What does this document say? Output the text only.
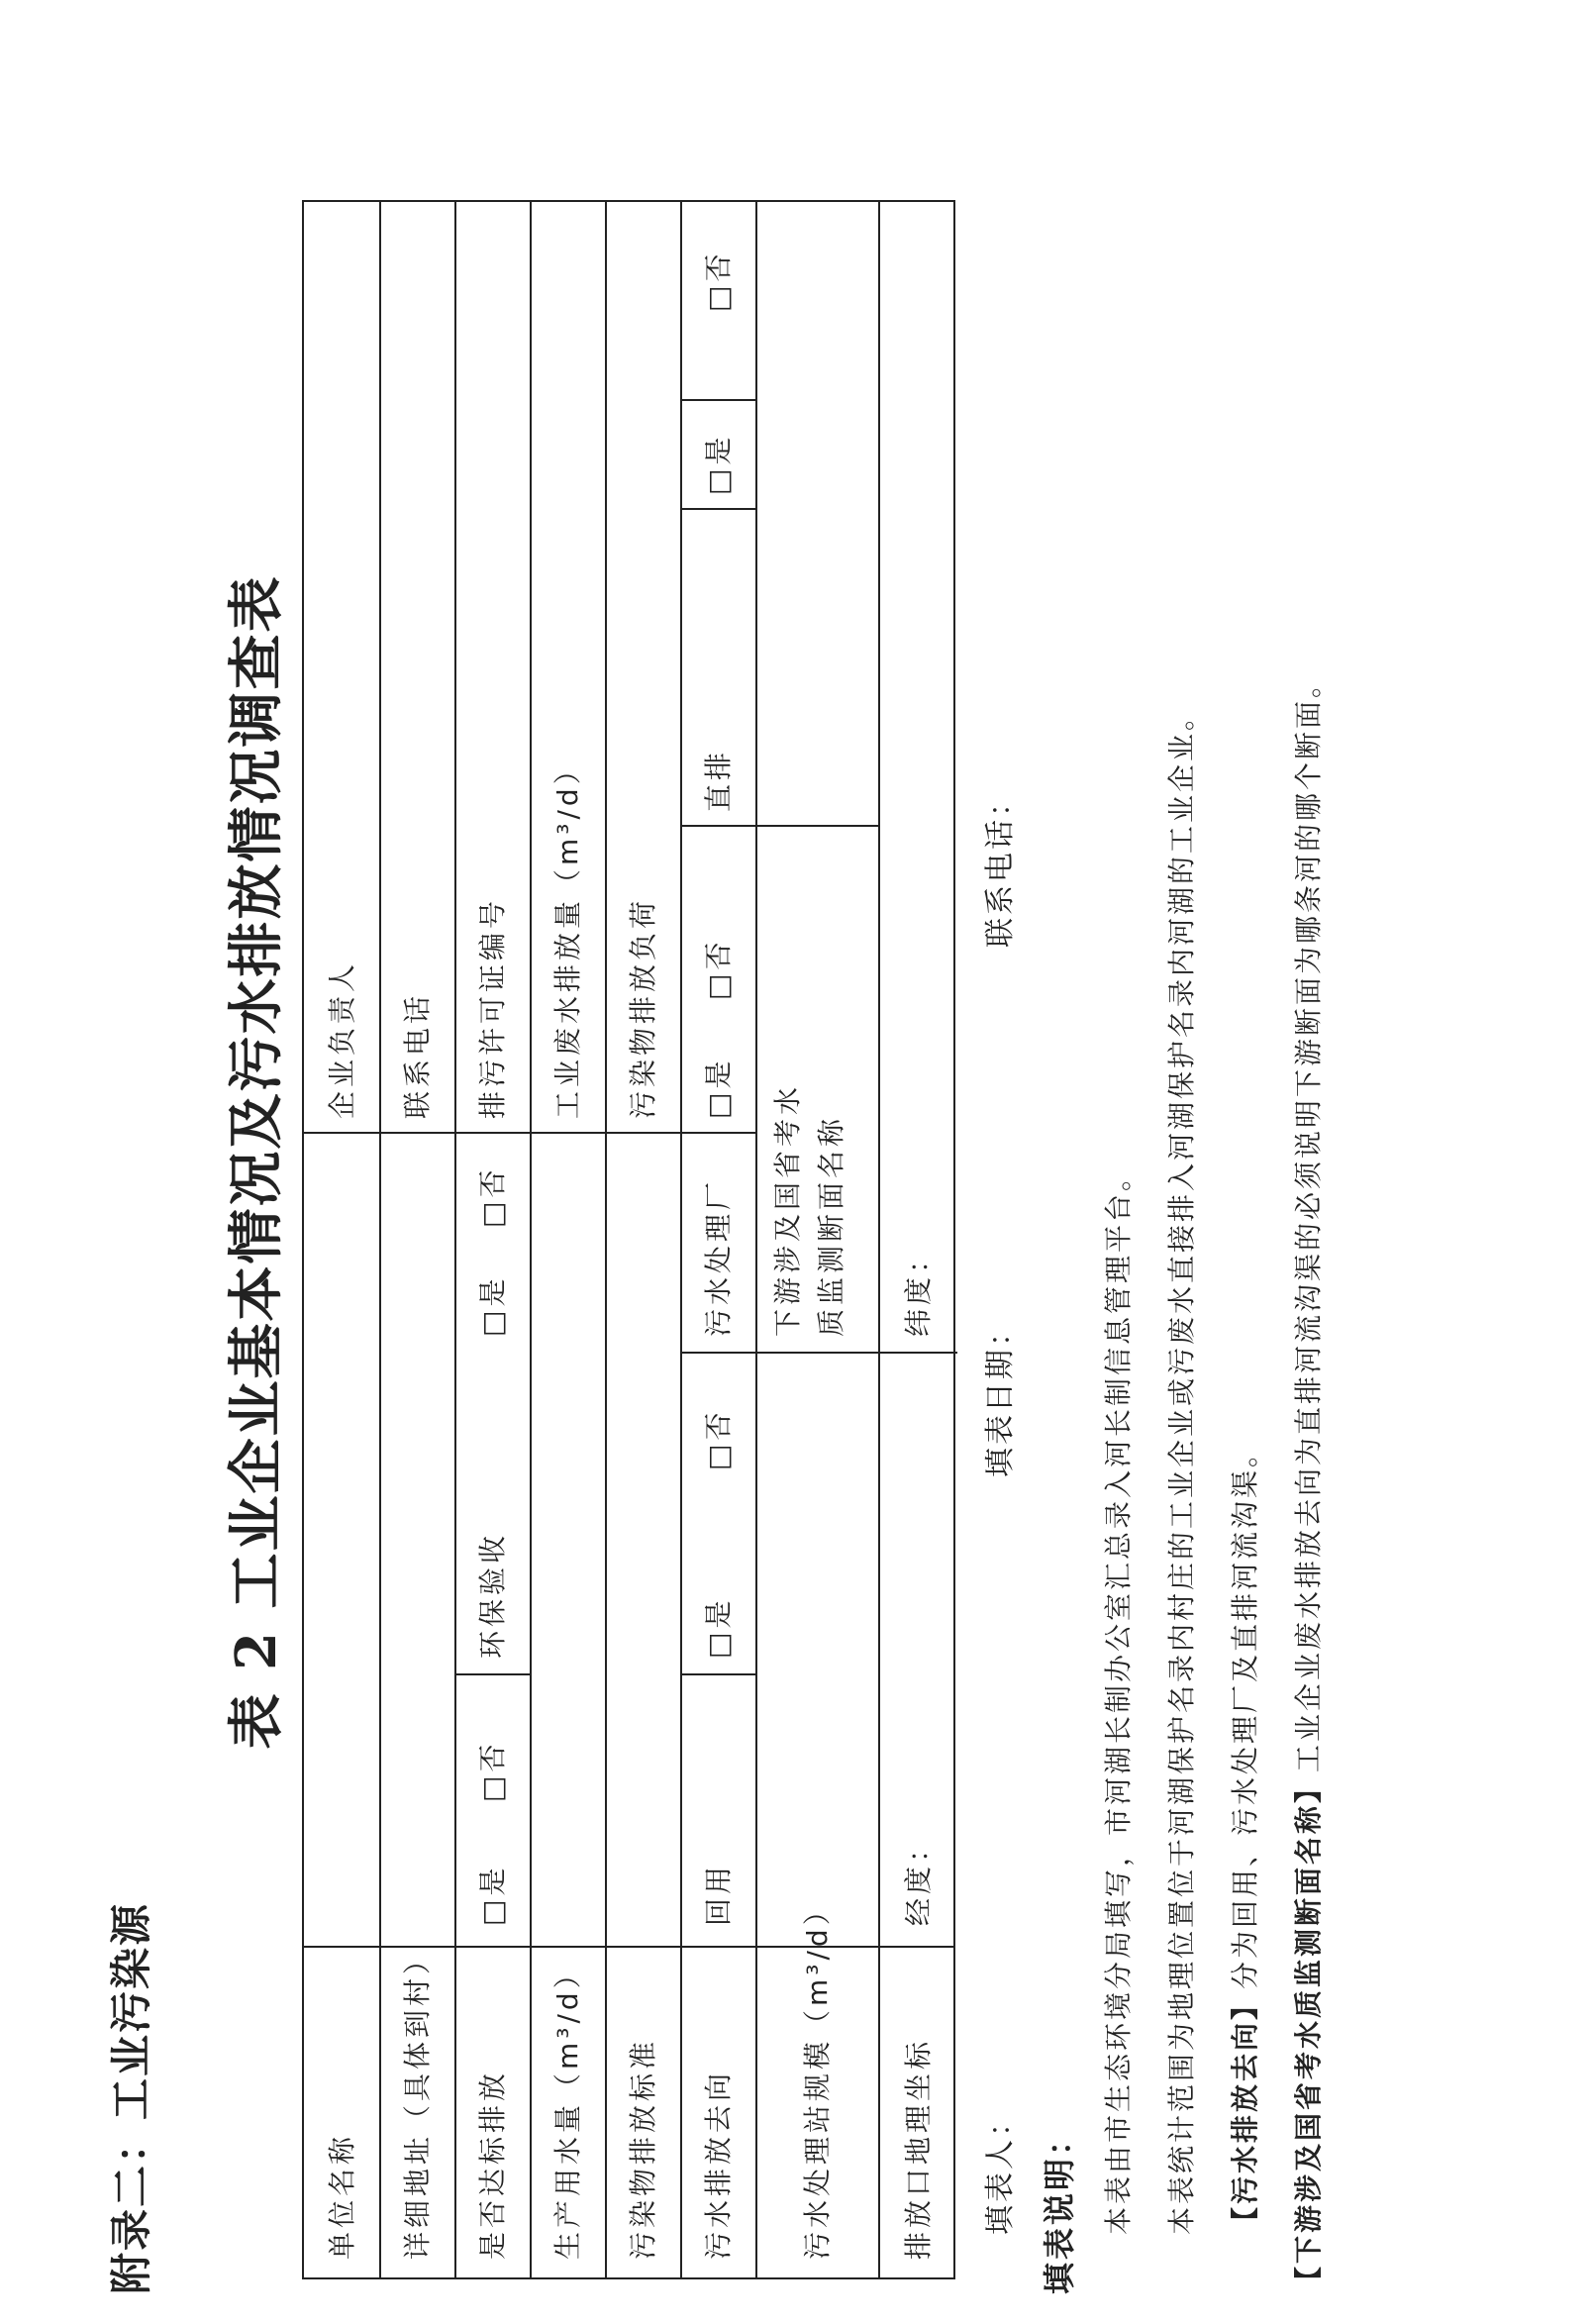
附录二：工业污染源
表 2 工业企业基本情况及污水排放情况调查表
单位名称
企业负责人
详细地址（具体到村）
联系电话
是否达标排放
□是
□否
环保验收
□是
□否
排污许可证编号
生产用水量（m³/d）
工业废水排放量（m³/d）
污染物排放标准
污染物排放负荷
污水排放去向
回用
□是
□否
污水处理厂
□是
□否
直排
□是
□否
污水处理站规模（m³/d）
下游涉及国省考水 质监测断面名称
排放口地理坐标
经度：
纬度：
填表人：
填表日期：
联系电话：
填表说明： 本表由市生态环境分局填写，市河湖长制办公室汇总录入河长制信息管理平台。 本表统计范围为地理位置位于河湖保护名录内村庄的工业企业或污废水直接排入河湖保护名录内河湖的工业企业。 【污水排放去向】分为回用、污水处理厂及直排河流沟渠。
【下游涉及国省考水质监测断面名称】工业企业废水排放去向为直排河流沟渠的必须说明下游断面为哪条河的哪个断面。
